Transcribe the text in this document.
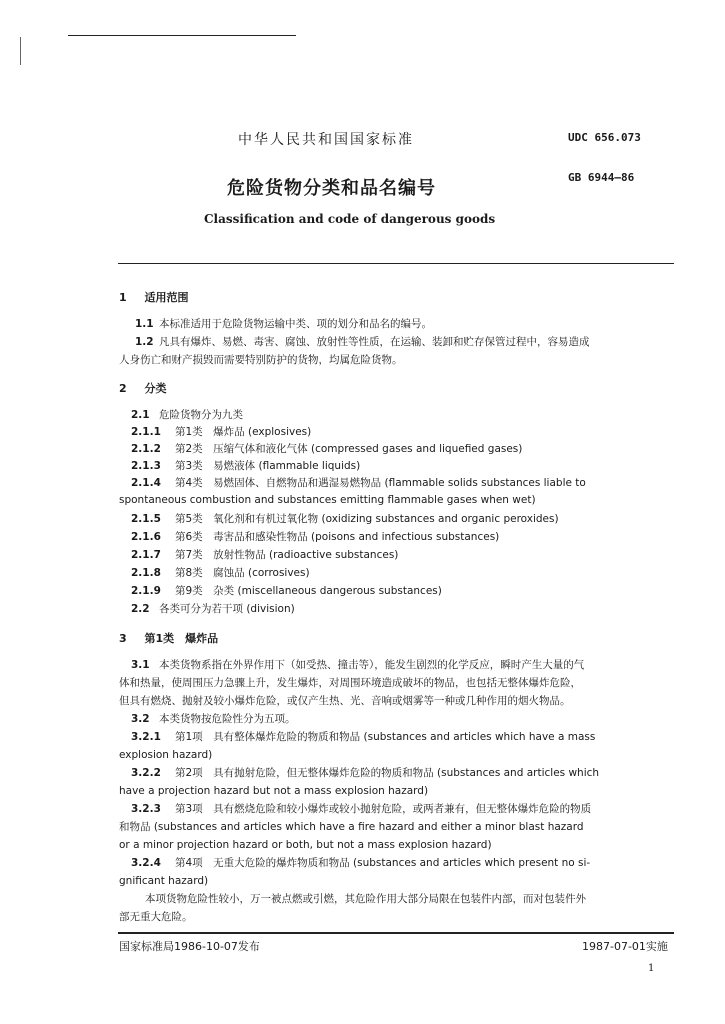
中华人民共和国国家标准	UDC 656.073
GB 6944—86
危险货物分类和品名编号
Classification and code of dangerous goods
1 适用范围
1.1 本标准适用于危险货物运输中类、项的划分和品名的编号。
1.2 凡具有爆炸、易燃、毒害、腐蚀、放射性等性质，在运输、装卸和贮存保管过程中，容易造成
人身伤亡和财产损毁而需要特别防护的货物，均属危险货物。
2 分类
2.1 危险货物分为九类
2.1.1 第1类　爆炸品 (explosives)
2.1.2 第2类　压缩气体和液化气体 (compressed gases and liquefied gases)
2.1.3 第3类　易燃液体 (flammable liquids)
2.1.4 第4类　易燃固体、自燃物品和遇湿易燃物品 (flammable solids substances liable to
spontaneous combustion and substances emitting flammable gases when wet)
2.1.5 第5类　氧化剂和有机过氧化物 (oxidizing substances and organic peroxides)
2.1.6 第6类　毒害品和感染性物品 (poisons and infectious substances)
2.1.7 第7类　放射性物品 (radioactive substances)
2.1.8 第8类　腐蚀品 (corrosives)
2.1.9 第9类　杂类 (miscellaneous dangerous substances)
2.2 各类可分为若干项 (division)
3 第1类　爆炸品
3.1 本类货物系指在外界作用下（如受热、撞击等），能发生剧烈的化学反应，瞬时产生大量的气
体和热量，使周围压力急骤上升，发生爆炸，对周围环境造成破坏的物品，也包括无整体爆炸危险，
但具有燃烧、抛射及较小爆炸危险，或仅产生热、光、音响或烟雾等一种或几种作用的烟火物品。
3.2 本类货物按危险性分为五项。
3.2.1 第1项　具有整体爆炸危险的物质和物品 (substances and articles which have a mass
explosion hazard)
3.2.2 第2项　具有抛射危险，但无整体爆炸危险的物质和物品 (substances and articles which
have a projection hazard but not a mass explosion hazard)
3.2.3 第3项　具有燃烧危险和较小爆炸或较小抛射危险，或两者兼有，但无整体爆炸危险的物质
和物品 (substances and articles which have a fire hazard and either a minor blast hazard
or a minor projection hazard or both, but not a mass explosion hazard)
3.2.4 第4项　无重大危险的爆炸物质和物品 (substances and articles which present no si-
gnificant hazard)
本项货物危险性较小，万一被点燃或引燃，其危险作用大部分局限在包装件内部，而对包装件外
部无重大危险。
国家标准局1986-10-07发布	1987-07-01实施
1
